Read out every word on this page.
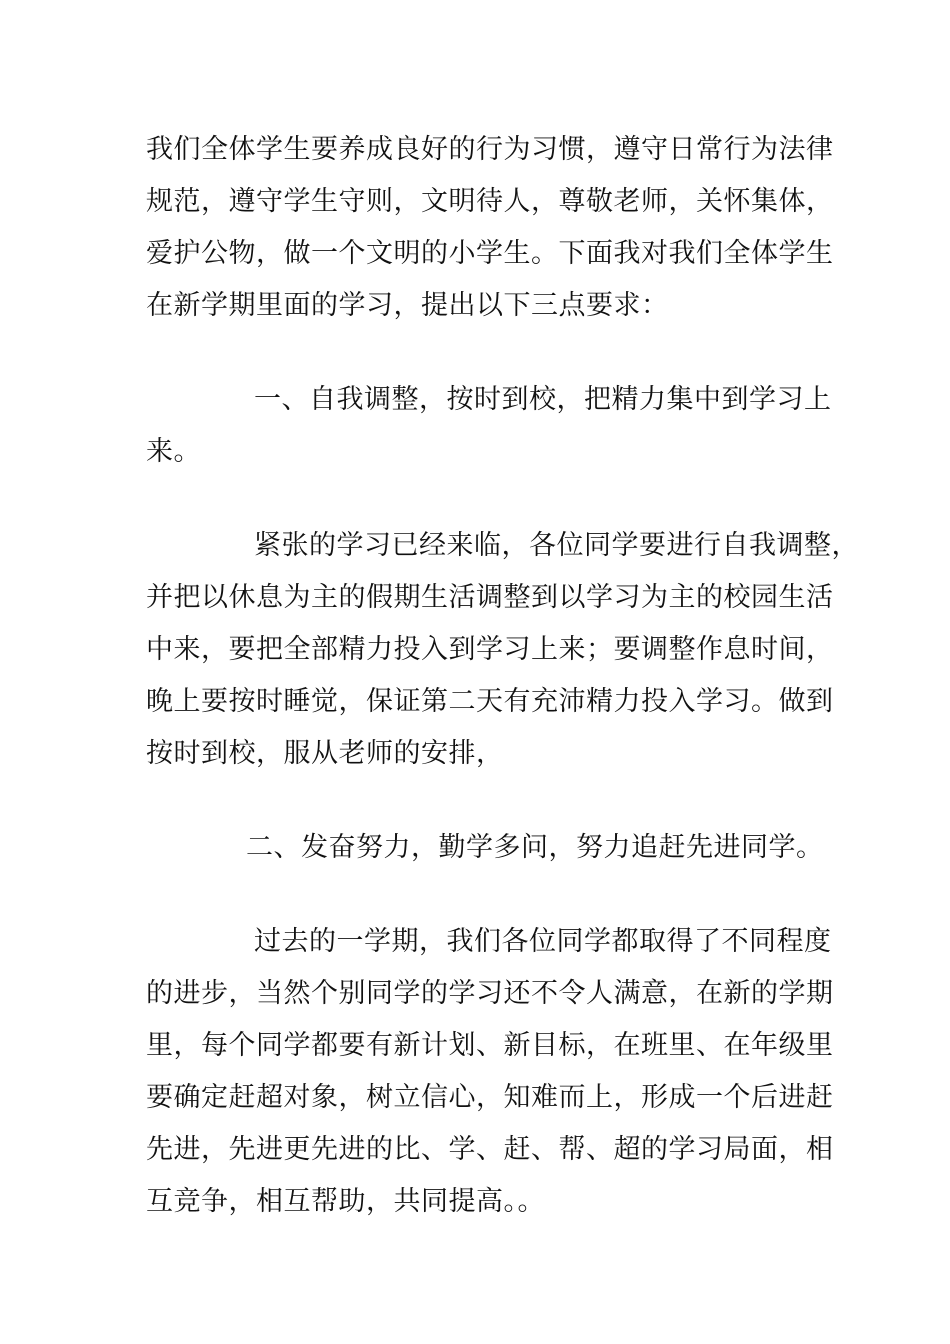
我们全体学生要养成良好的行为习惯，遵守日常行为法律
规范，遵守学生守则，文明待人，尊敬老师，关怀集体，
爱护公物，做一个文明的小学生。下面我对我们全体学生
在新学期里面的学习，提出以下三点要求：
一、自我调整，按时到校，把精力集中到学习上
来。
紧张的学习已经来临，各位同学要进行自我调整，
并把以休息为主的假期生活调整到以学习为主的校园生活
中来，要把全部精力投入到学习上来；要调整作息时间，
晚上要按时睡觉，保证第二天有充沛精力投入学习。做到
按时到校，服从老师的安排，
二、发奋努力，勤学多问，努力追赶先进同学。
过去的一学期，我们各位同学都取得了不同程度
的进步，当然个别同学的学习还不令人满意，在新的学期
里，每个同学都要有新计划、新目标，在班里、在年级里
要确定赶超对象，树立信心，知难而上，形成一个后进赶
先进，先进更先进的比、学、赶、帮、超的学习局面，相
互竞争，相互帮助，共同提高。。
